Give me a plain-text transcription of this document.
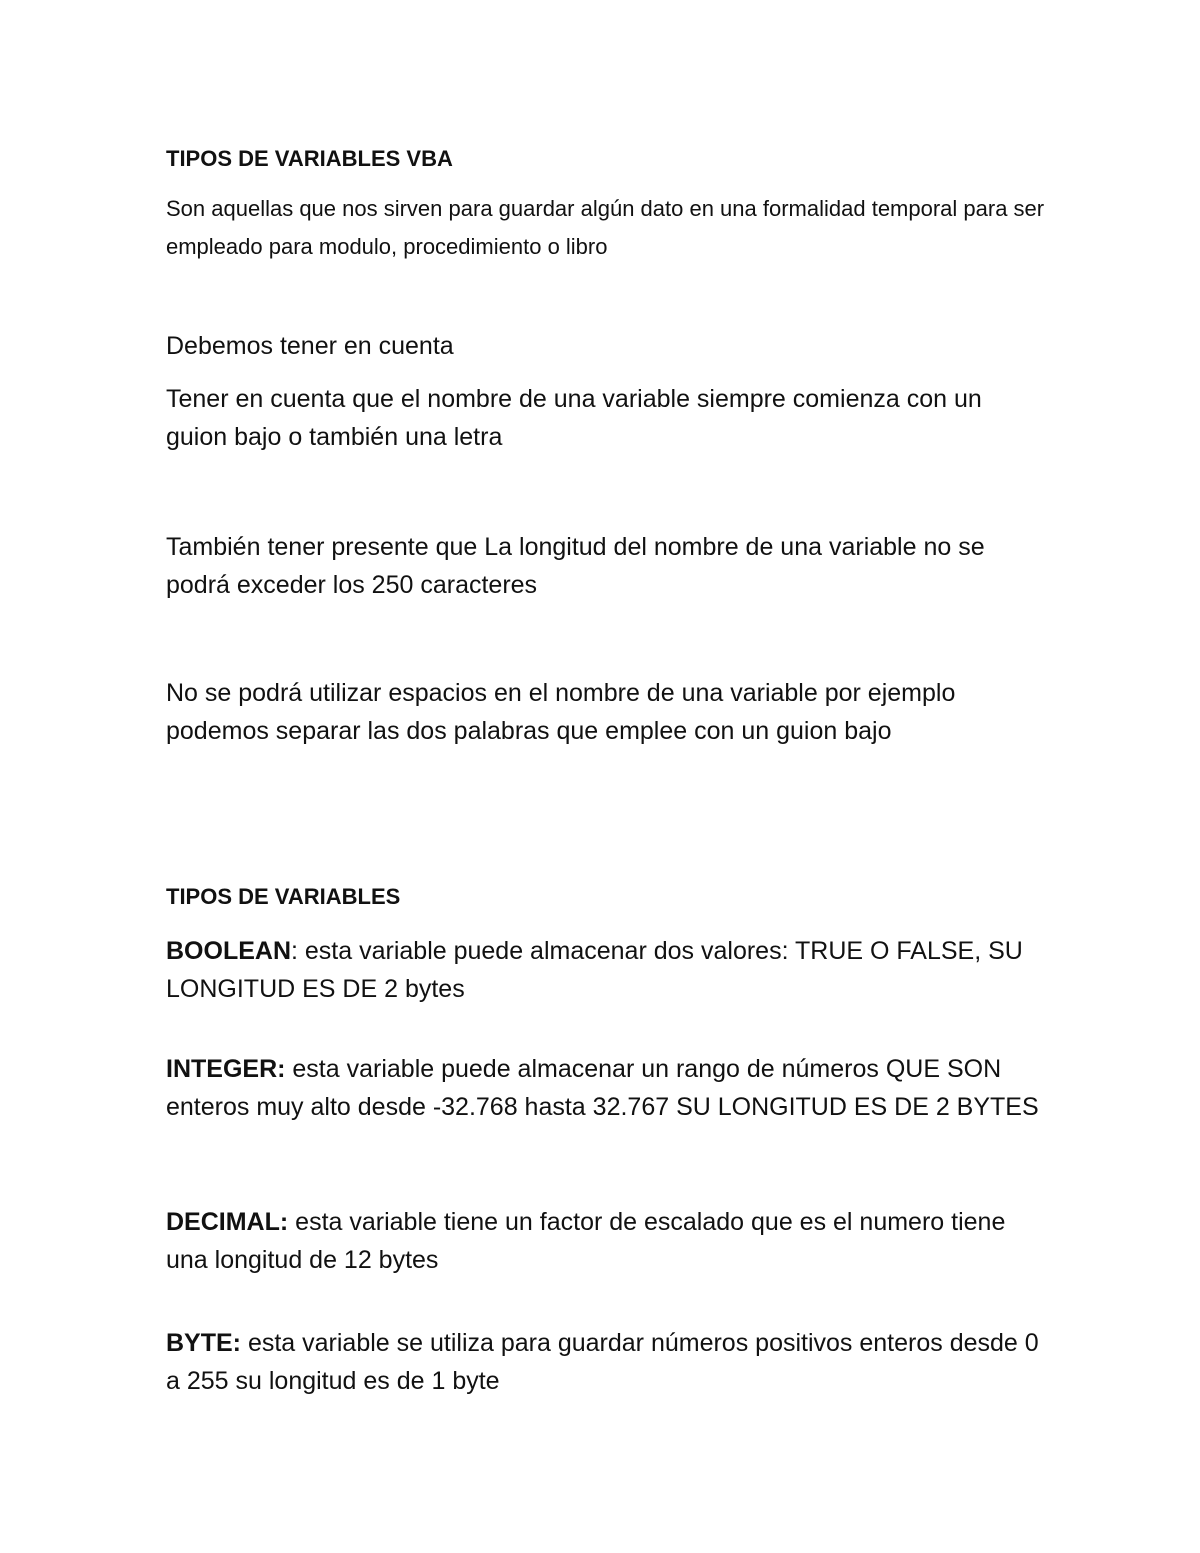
TIPOS DE VARIABLES VBA

Son aquellas que nos sirven para guardar algún dato en una formalidad temporal para ser empleado para modulo, procedimiento o libro

Debemos tener en cuenta

Tener en cuenta que el nombre de una variable siempre comienza con un guion bajo o también una letra

También tener presente que La longitud del nombre de una variable no se podrá exceder los 250 caracteres

No se podrá utilizar espacios en el nombre de una variable por ejemplo podemos separar las dos palabras que emplee con un guion bajo

TIPOS DE VARIABLES

BOOLEAN: esta variable puede almacenar dos valores: TRUE O FALSE, SU LONGITUD ES DE 2 bytes

INTEGER: esta variable puede almacenar un rango de números QUE SON enteros muy alto desde -32.768 hasta 32.767 SU LONGITUD ES DE 2 BYTES

DECIMAL: esta variable tiene un factor de escalado que es el numero tiene una longitud de 12 bytes

BYTE: esta variable se utiliza para guardar números positivos enteros desde 0 a 255 su longitud es de 1 byte
